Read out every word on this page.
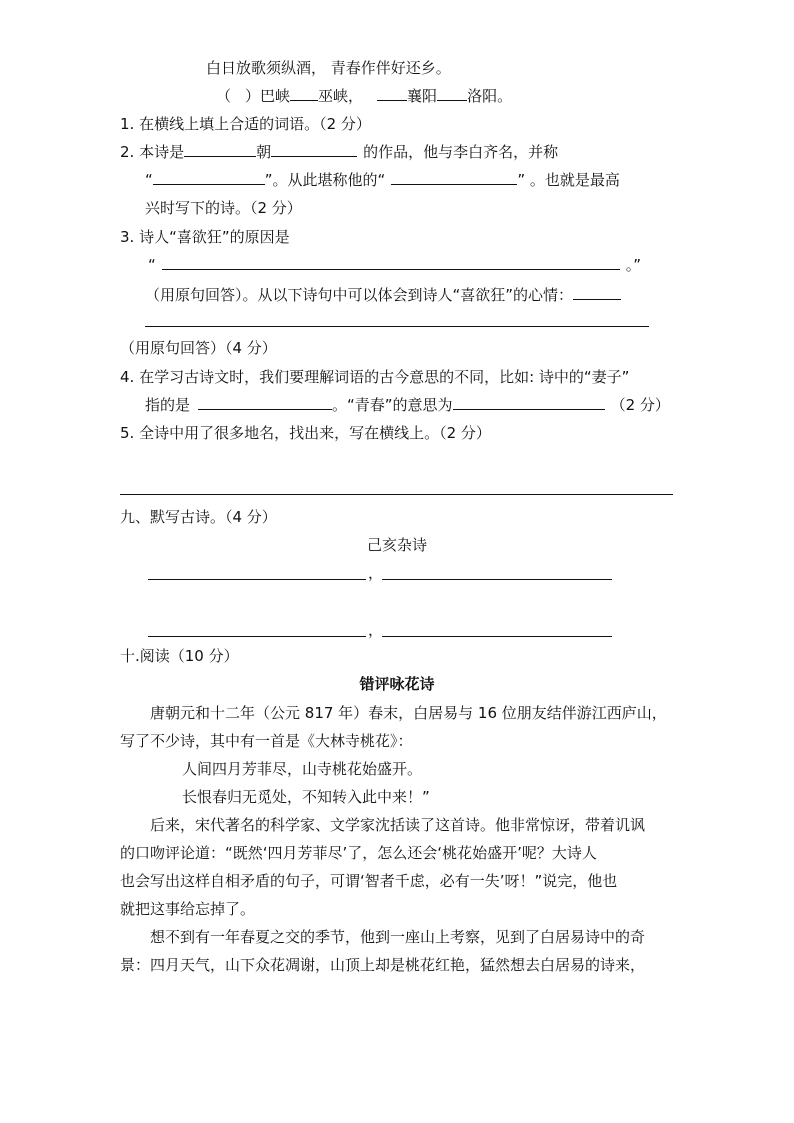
白日放歌须纵酒， 青春作伴好还乡。
（ ）巴峡 巫峡，	襄阳 洛阳。
1. 在横线上填上合适的词语。（2 分）
2. 本诗是	朝	的作品，他与李白齐名，并称
“	”。从此堪称他的“	” 。也就是最高
兴时写下的诗。（2 分）
3. 诗人“喜欲狂”的原因是
“	。”
（用原句回答）。从以下诗句中可以体会到诗人“喜欲狂”的心情：
（用原句回答）（4 分）
4. 在学习古诗文时，我们要理解词语的古今意思的不同，比如: 诗中的“妻子”
指的是	。“青春”的意思为	（2 分）
5. 全诗中用了很多地名，找出来，写在横线上。（2 分）
九、默写古诗。（4 分）
己亥杂诗
，
，
十.阅读（10 分）
错评咏花诗
唐朝元和十二年（公元 817 年）春末，白居易与 16 位朋友结伴游江西庐山，
写了不少诗，其中有一首是《大林寺桃花》：
人间四月芳菲尽，山寺桃花始盛开。
长恨春归无觅处，不知转入此中来！”
后来，宋代著名的科学家、文学家沈括读了这首诗。他非常惊讶，带着讥讽
的口吻评论道：“既然‘四月芳菲尽’了，怎么还会‘桃花始盛开’呢？大诗人
也会写出这样自相矛盾的句子，可谓‘智者千虑，必有一失’呀！”说完，他也
就把这事给忘掉了。
想不到有一年春夏之交的季节，他到一座山上考察，见到了白居易诗中的奇
景：四月天气，山下众花凋谢，山顶上却是桃花红艳，猛然想去白居易的诗来，
